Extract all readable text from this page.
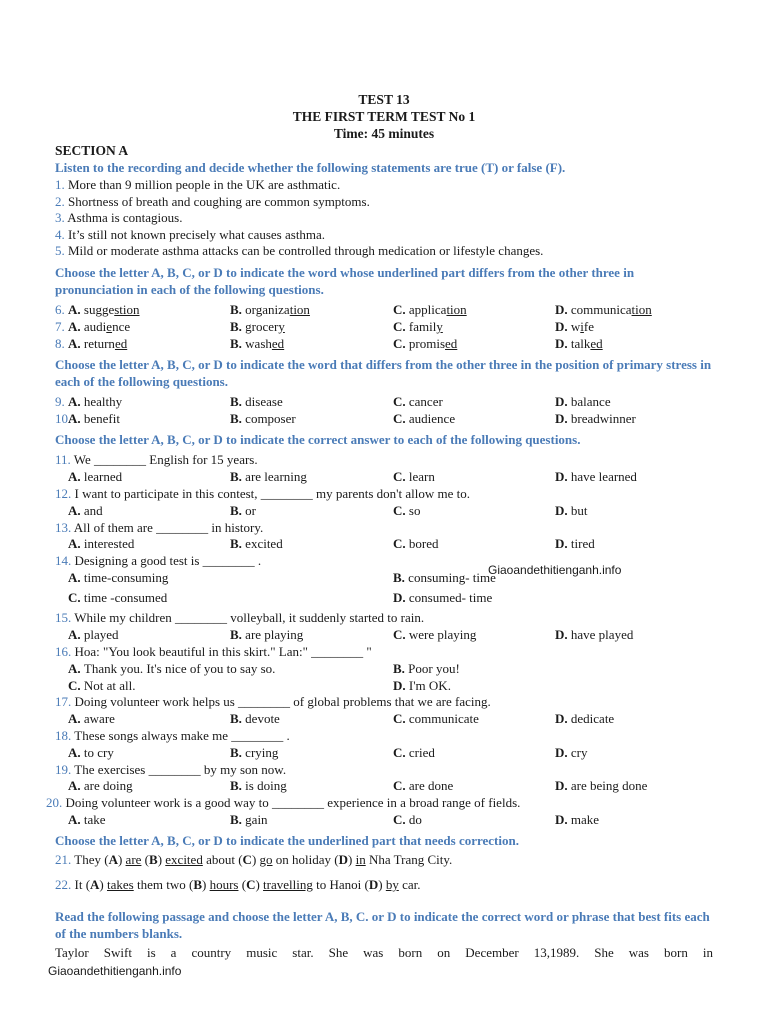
TEST 13
THE FIRST TERM TEST No 1
Time: 45 minutes
SECTION A
Listen to the recording and decide whether the following statements are true (T) or false (F).
1. More than 9 million people in the UK are asthmatic.
2. Shortness of breath and coughing are common symptoms.
3. Asthma is contagious.
4. It’s still not known precisely what causes asthma.
5. Mild or moderate asthma attacks can be controlled through medication or lifestyle changes.
Choose the letter A, B, C, or D to indicate the word whose underlined part differs from the other three in pronunciation in each of the following questions.
6. A. suggestion	B. organization	C. application	D. communication
7. A. audience	B. grocery	C. family	D. wife
8. A. returned	B. washed	C. promised	D. talked
Choose the letter A, B, C, or D to indicate the word that differs from the other three in the position of primary stress in each of the following questions.
9. A. healthy	B. disease	C. cancer	D. balance
10.
A. benefit	B. composer	C. audience	D. breadwinner
Choose the letter A, B, C, or D to indicate the correct answer to each of the following questions.
11. We ________ English for 15 years.
A. learned	B. are learning	C. learn	D. have learned
12. I want to participate in this contest, ________ my parents don't allow me to.
A. and	B. or	C. so	D. but
13. All of them are ________ in history.
A. interested	B. excited	C. bored	D. tired
14. Designing a good test is ________ .
A. time-consuming	B. consuming- time
C. time -consumed	D. consumed- time
15. While my children ________ volleyball, it suddenly started to rain.
A. played	B. are playing	C. were playing	D. have played
16. Hoa: "You look beautiful in this skirt." Lan:" ________ "
A. Thank you. It's nice of you to say so.	B. Poor you!
C. Not at all.	D. I'm OK.
17. Doing volunteer work helps us ________ of global problems that we are facing.
A. aware	B. devote	C. communicate	D. dedicate
18. These songs always make me ________ .
A. to cry	B. crying	C. cried	D. cry
19. The exercises ________ by my son now.
A. are doing	B. is doing	C. are done	D. are being done
20. Doing volunteer work is a good way to ________ experience in a broad range of fields.
A. take	B. gain	C. do	D. make
Choose the letter A, B, C, or D to indicate the underlined part that needs correction.
21. They (A) are (B) excited about (C) go on holiday (D) in Nha Trang City.
22. It (A) takes them two (B) hours (C) travelling to Hanoi (D) by car.
Read the following passage and choose the letter A, B, C. or D to indicate the correct word or phrase that best fits each of the numbers blanks.
Taylor Swift is a country music star. She was born on December 13,1989. She was born in
Giaoandethitienganh.info
Giaoandethitienganh.info
